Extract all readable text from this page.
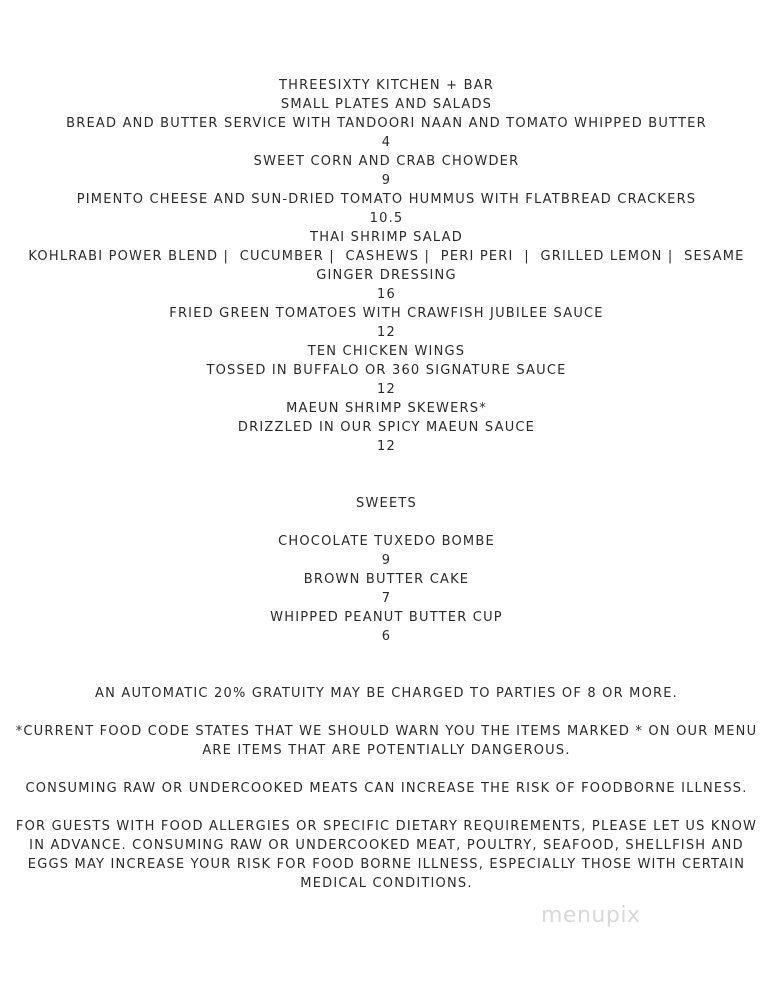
THREESIXTY KITCHEN + BAR
SMALL PLATES AND SALADS
BREAD AND BUTTER SERVICE WITH TANDOORI NAAN AND TOMATO WHIPPED BUTTER
4
SWEET CORN AND CRAB CHOWDER
9
PIMENTO CHEESE AND SUN-DRIED TOMATO HUMMUS WITH FLATBREAD CRACKERS
10.5
THAI SHRIMP SALAD
KOHLRABI POWER BLEND |  CUCUMBER |  CASHEWS |  PERI PERI  |  GRILLED LEMON |  SESAME
GINGER DRESSING
16
FRIED GREEN TOMATOES WITH CRAWFISH JUBILEE SAUCE
12
TEN CHICKEN WINGS
TOSSED IN BUFFALO OR 360 SIGNATURE SAUCE
12
MAEUN SHRIMP SKEWERS*
DRIZZLED IN OUR SPICY MAEUN SAUCE
12
SWEETS
CHOCOLATE TUXEDO BOMBE
9
BROWN BUTTER CAKE
7
WHIPPED PEANUT BUTTER CUP
6
AN AUTOMATIC 20% GRATUITY MAY BE CHARGED TO PARTIES OF 8 OR MORE.
*CURRENT FOOD CODE STATES THAT WE SHOULD WARN YOU THE ITEMS MARKED * ON OUR MENU
ARE ITEMS THAT ARE POTENTIALLY DANGEROUS.
CONSUMING RAW OR UNDERCOOKED MEATS CAN INCREASE THE RISK OF FOODBORNE ILLNESS.
FOR GUESTS WITH FOOD ALLERGIES OR SPECIFIC DIETARY REQUIREMENTS, PLEASE LET US KNOW
IN ADVANCE. CONSUMING RAW OR UNDERCOOKED MEAT, POULTRY, SEAFOOD, SHELLFISH AND
EGGS MAY INCREASE YOUR RISK FOR FOOD BORNE ILLNESS, ESPECIALLY THOSE WITH CERTAIN
MEDICAL CONDITIONS.
menupix
